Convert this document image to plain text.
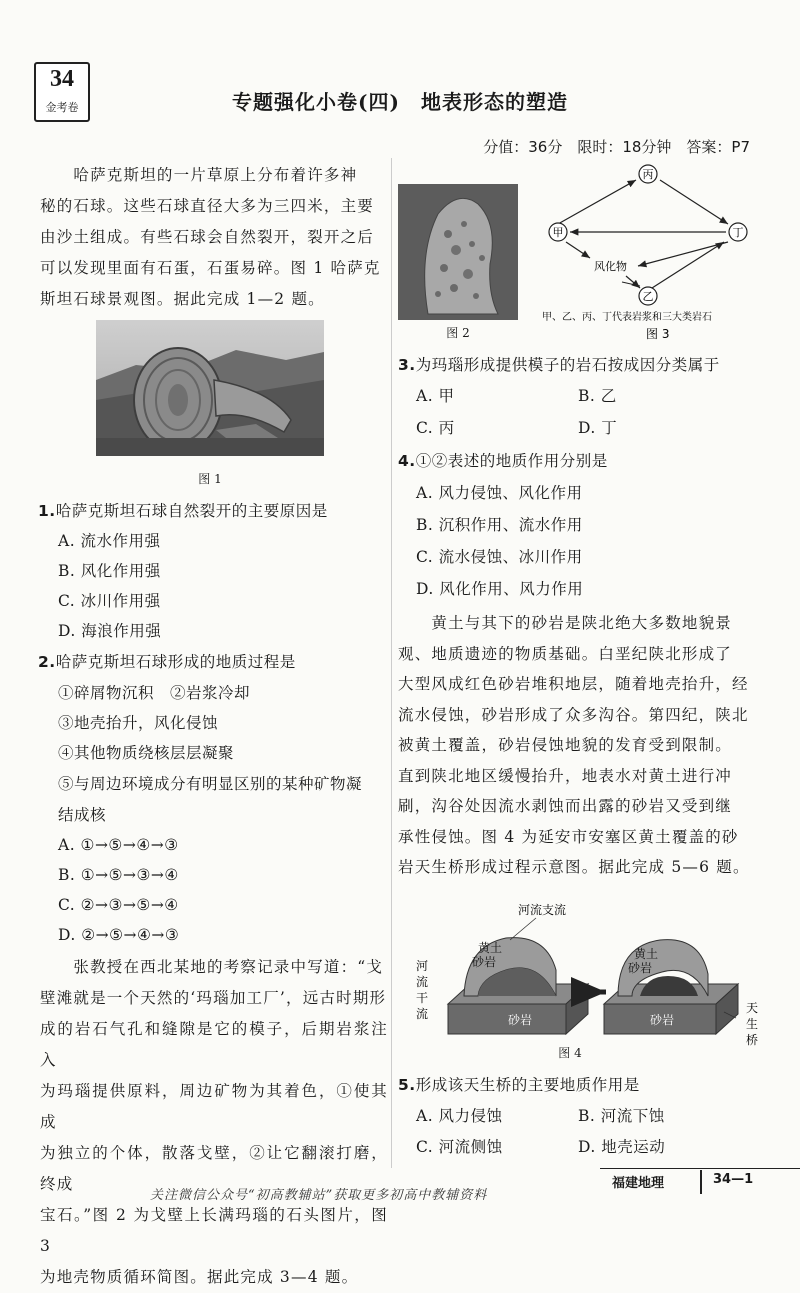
34
金考卷	专题强化小卷(四)　地表形态的塑造
分值：36分　限时：18分钟　答案：P7
　　哈萨克斯坦的一片草原上分布着许多神
秘的石球。这些石球直径大多为三四米，主要
由沙土组成。有些石球会自然裂开，裂开之后
可以发现里面有石蛋，石蛋易碎。图 1 哈萨克
斯坦石球景观图。据此完成 1—2 题。
图 1
1.哈萨克斯坦石球自然裂开的主要原因是
A. 流水作用强
B. 风化作用强
C. 冰川作用强
D. 海浪作用强
2.哈萨克斯坦石球形成的地质过程是
①碎屑物沉积　②岩浆冷却
③地壳抬升，风化侵蚀
④其他物质绕核层层凝聚
⑤与周边环境成分有明显区别的某种矿物凝
结成核
A. ①→⑤→④→③
B. ①→⑤→③→④
C. ②→③→⑤→④
D. ②→⑤→④→③
　　张教授在西北某地的考察记录中写道：“戈
壁滩就是一个天然的‘玛瑙加工厂’，远古时期形
成的岩石气孔和缝隙是它的模子，后期岩浆注入
为玛瑙提供原料，周边矿物为其着色，①使其成
为独立的个体，散落戈壁，②让它翻滚打磨，终成
宝石。”图 2 为戈壁上长满玛瑙的石头图片，图 3
为地壳物质循环简图。据此完成 3—4 题。
图 2
丙
甲	丁
乙
风化物
甲、乙、丙、丁代表岩浆和三大类岩石
图 3
3.为玛瑙形成提供模子的岩石按成因分类属于
A. 甲	B. 乙
C. 丙	D. 丁
4.①②表述的地质作用分别是
A. 风力侵蚀、风化作用
B. 沉积作用、流水作用
C. 流水侵蚀、冰川作用
D. 风化作用、风力作用
　　黄土与其下的砂岩是陕北绝大多数地貌景
观、地质遗迹的物质基础。白垩纪陕北形成了
大型风成红色砂岩堆积地层，随着地壳抬升，经
流水侵蚀，砂岩形成了众多沟谷。第四纪，陕北
被黄土覆盖，砂岩侵蚀地貌的发育受到限制。
直到陕北地区缓慢抬升，地表水对黄土进行冲
刷，沟谷处因流水剥蚀而出露的砂岩又受到继
承性侵蚀。图 4 为延安市安塞区黄土覆盖的砂
岩天生桥形成过程示意图。据此完成 5—6 题。
河流支流
黄土
砂岩
黄土
砂岩
砂岩	砂岩
河
流
干
流	天
生
桥
图 4
5.形成该天生桥的主要地质作用是
A. 风力侵蚀	B. 河流下蚀
C. 河流侧蚀	D. 地壳运动
福建地理	34—1
关注微信公众号“初高教辅站”获取更多初高中教辅资料
